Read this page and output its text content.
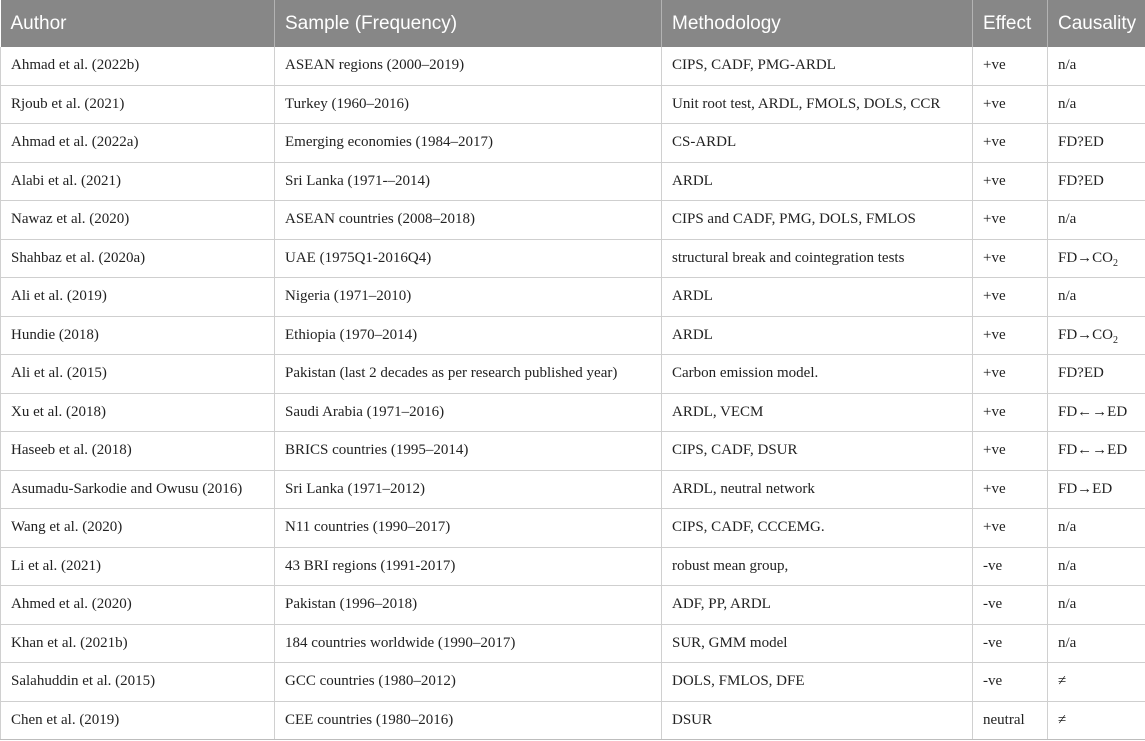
Author	Sample (Frequency)	Methodology	Effect	Causality
Ahmad et al. (2022b)	ASEAN regions (2000–2019)	CIPS, CADF, PMG-ARDL	+ve	n/a
Rjoub et al. (2021)	Turkey (1960–2016)	Unit root test, ARDL, FMOLS, DOLS, CCR	+ve	n/a
Ahmad et al. (2022a)	Emerging economies (1984–2017)	CS-ARDL	+ve	FD?ED
Alabi et al. (2021)	Sri Lanka (1971-–2014)	ARDL	+ve	FD?ED
Nawaz et al. (2020)	ASEAN countries (2008–2018)	CIPS and CADF, PMG, DOLS, FMLOS	+ve	n/a
Shahbaz et al. (2020a)	UAE (1975Q1-2016Q4)	structural break and cointegration tests	+ve	$FD\to CO_2$
Ali et al. (2019)	Nigeria (1971–2010)	ARDL	+ve	n/a
Hundie (2018)	Ethiopia (1970–2014)	ARDL	+ve	$FD\to CO_2$
Ali et al. (2015)	Pakistan (last 2 decades as per research published year)	Carbon emission model.	+ve	FD?ED
Xu et al. (2018)	Saudi Arabia (1971–2016)	ARDL, VECM	+ve	FD←→ED
Haseeb et al. (2018)	BRICS countries (1995–2014)	CIPS, CADF, DSUR	+ve	FD←→ED
Asumadu-Sarkodie and Owusu (2016)	Sri Lanka (1971–2012)	ARDL, neutral network	+ve	FD→ED
Wang et al. (2020)	N11 countries (1990–2017)	CIPS, CADF, CCCEMG.	+ve	n/a
Li et al. (2021)	43 BRI regions (1991-2017)	robust mean group,	-ve	n/a
Ahmed et al. (2020)	Pakistan (1996–2018)	ADF, PP, ARDL	-ve	n/a
Khan et al. (2021b)	184 countries worldwide (1990–2017)	SUR, GMM model	-ve	n/a
Salahuddin et al. (2015)	GCC countries (1980–2012)	DOLS, FMLOS, DFE	-ve	≠
Chen et al. (2019)	CEE countries (1980–2016)	DSUR	neutral	≠
